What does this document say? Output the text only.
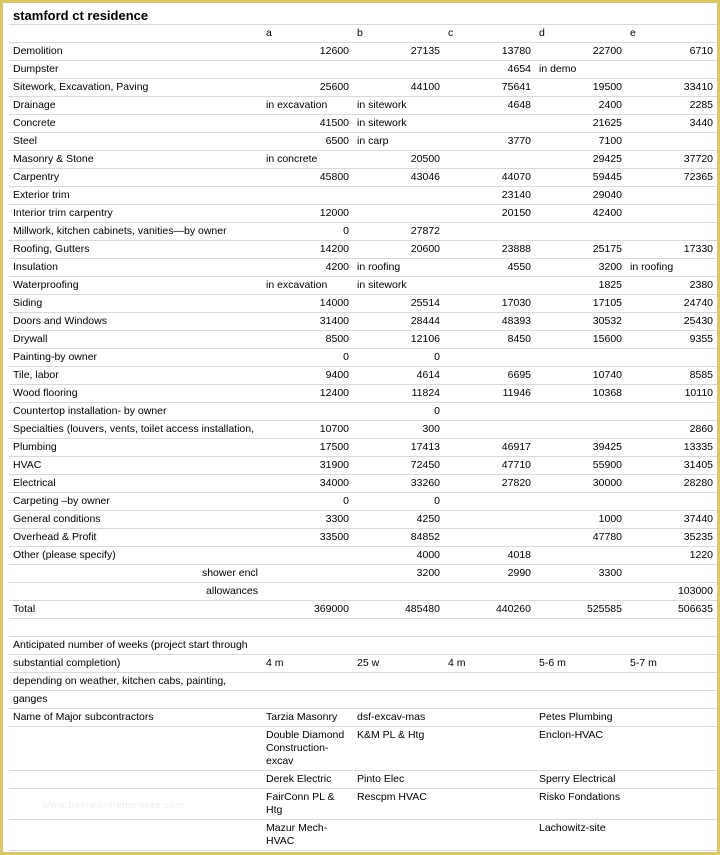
stamford ct residence					
	a	b	c	d	e
Demolition	12600	27135	13780	22700	6710
Dumpster			4654	in demo	
Sitework, Excavation, Paving	25600	44100	75641	19500	33410
Drainage	in excavation	in sitework	4648	2400	2285
Concrete	41500	in sitework		21625	3440
Steel	6500	in carp	3770	7100	
Masonry & Stone	in concrete	20500		29425	37720
Carpentry	45800	43046	44070	59445	72365
Exterior trim			23140	29040	
Interior trim carpentry	12000		20150	42400	
Millwork, kitchen cabinets, vanities—by owner	0	27872			
Roofing, Gutters	14200	20600	23888	25175	17330
Insulation	4200	in roofing	4550	3200	in roofing
Waterproofing	in excavation	in sitework		1825	2380
Siding	14000	25514	17030	17105	24740
Doors and Windows	31400	28444	48393	30532	25430
Drywall	8500	12106	8450	15600	9355
Painting-by owner	0	0			
Tile, labor	9400	4614	6695	10740	8585
Wood flooring	12400	11824	11946	10368	10110
Countertop installation- by owner		0			
Specialties (louvers, vents, toilet access installation,	10700	300			2860
Plumbing	17500	17413	46917	39425	13335
HVAC	31900	72450	47710	55900	31405
Electrical	34000	33260	27820	30000	28280
Carpeting –by owner	0	0			
General conditions	3300	4250		1000	37440
Overhead & Profit	33500	84852		47780	35235
Other (please specify)		4000	4018		1220
shower encl		3200	2990	3300	
allowances					103000
Total	369000	485480	440260	525585	506635

Anticipated number of weeks (project start through					
substantial completion)	4 m	25 w	4 m	5-6 m	5-7 m
depending on weather, kitchen cabs, painting,					
ganges					
Name of Major subcontractors	Tarzia Masonry	dsf-excav-mas		Petes Plumbing	
	Double Diamond Construction-excav	K&M PL & Htg		Enclon-HVAC	
	Derek Electric	Pinto Elec		Sperry Electrical	
	FairConn PL & Htg	Rescpm HVAC		Risko Fondations	
	Mazur Mech-HVAC			Lachowitz-site	
www.bestwordtemplates.com
